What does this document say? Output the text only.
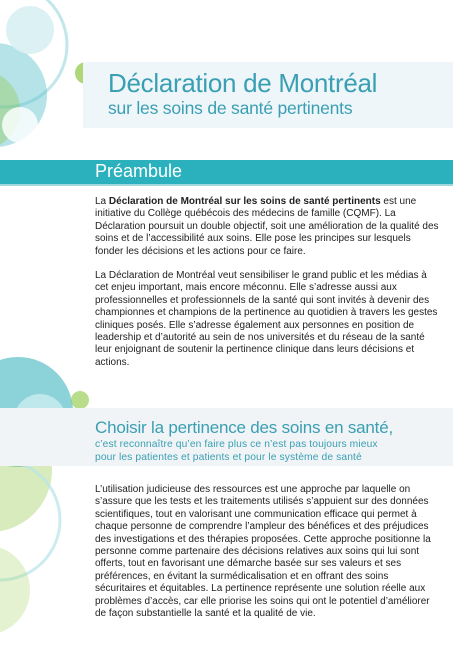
Déclaration de Montréal
sur les soins de santé pertinents
Préambule

La Déclaration de Montréal sur les soins de santé pertinents est une initiative du Collège québécois des médecins de famille (CQMF). La Déclaration poursuit un double objectif, soit une amélioration de la qualité des soins et de l’accessibilité aux soins. Elle pose les principes sur lesquels fonder les décisions et les actions pour ce faire.

La Déclaration de Montréal veut sensibiliser le grand public et les médias à cet enjeu important, mais encore méconnu. Elle s’adresse aussi aux professionnelles et professionnels de la santé qui sont invités à devenir des championnes et champions de la pertinence au quotidien à travers les gestes cliniques posés. Elle s’adresse également aux personnes en position de leadership et d’autorité au sein de nos universités et du réseau de la santé leur enjoignant de soutenir la pertinence clinique dans leurs décisions et actions.

Choisir la pertinence des soins en santé,
c’est reconnaître qu’en faire plus ce n’est pas toujours mieux
pour les patientes et patients et pour le système de santé

L’utilisation judicieuse des ressources est une approche par laquelle on s’assure que les tests et les traitements utilisés s’appuient sur des données scientifiques, tout en valorisant une communication efficace qui permet à chaque personne de comprendre l’ampleur des bénéfices et des préjudices des investigations et des thérapies proposées. Cette approche positionne la personne comme partenaire des décisions relatives aux soins qui lui sont offerts, tout en favorisant une démarche basée sur ses valeurs et ses préférences, en évitant la surmédicalisation et en offrant des soins sécuritaires et équitables. La pertinence représente une solution réelle aux problèmes d’accès, car elle priorise les soins qui ont le potentiel d’améliorer de façon substantielle la santé et la qualité de vie.
